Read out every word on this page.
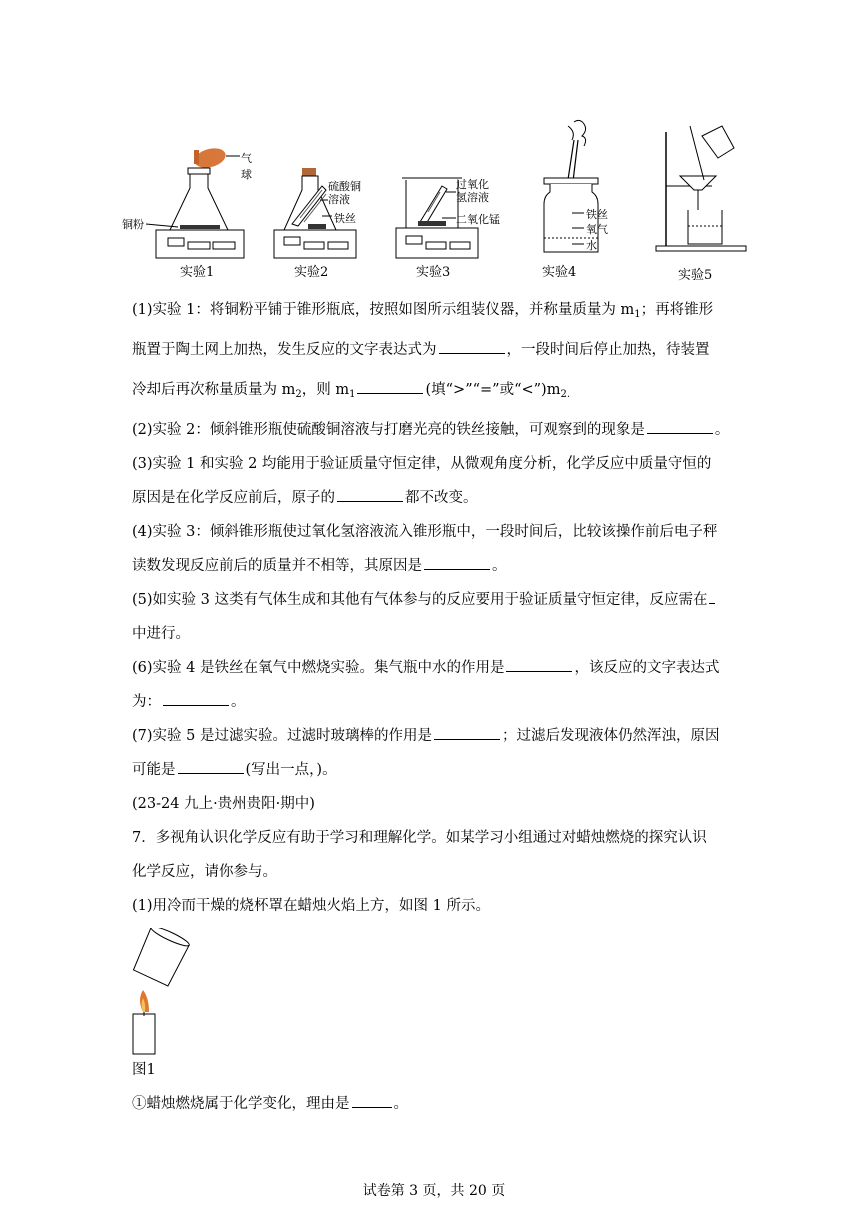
气球
铜粉
实验1
硫酸铜
溶液
铁丝
实验2
过氧化
氢溶液
二氧化锰
实验3
铁丝
氧气
水
实验4	实验5
(1)实验 1：将铜粉平铺于锥形瓶底，按照如图所示组装仪器，并称量质量为 $m_1$；再将锥形
瓶置于陶土网上加热，发生反应的文字表达式为	，一段时间后停止加热，待装置
冷却后再次称量质量为 $m_2$，则 $m_1$	(填“>”“=”或“$<”)m_{2.}$
(2)实验 2：倾斜锥形瓶使硫酸铜溶液与打磨光亮的铁丝接触，可观察到的现象是	。
(3)实验 1 和实验 2 均能用于验证质量守恒定律，从微观角度分析，化学反应中质量守恒的
原因是在化学反应前后，原子的	都不改变。
(4)实验 3：倾斜锥形瓶使过氧化氢溶液流入锥形瓶中，一段时间后，比较该操作前后电子秤
读数发现反应前后的质量并不相等，其原因是	。
(5)如实验 3 这类有气体生成和其他有气体参与的反应要用于验证质量守恒定律，反应需在
中进行。
(6)实验 4 是铁丝在氧气中燃烧实验。集气瓶中水的作用是	，该反应的文字表达式
为：	。
(7)实验 5 是过滤实验。过滤时玻璃棒的作用是	；过滤后发现液体仍然浑浊，原因
可能是	(写出一点，)。
(23-24 九上·贵州贵阳·期中)
7．多视角认识化学反应有助于学习和理解化学。如某学习小组通过对蜡烛燃烧的探究认识
化学反应，请你参与。
(1)用冷而干燥的烧杯罩在蜡烛火焰上方，如图 1 所示。
图1
①蜡烛燃烧属于化学变化，理由是	。
试卷第 3 页，共 20 页
